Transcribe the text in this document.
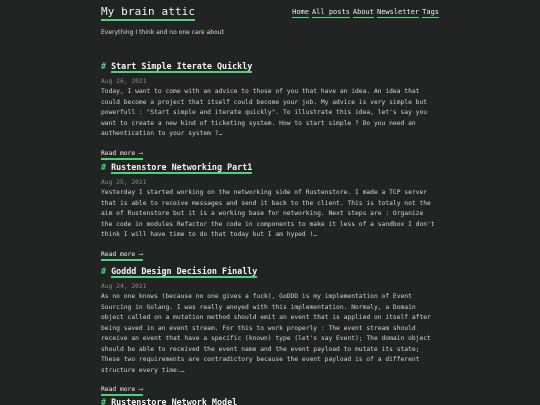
My brain attic	Home All posts About Newsletter Tags
Everything I think and no one care about
# Start Simple Iterate Quickly
Aug 26, 2021
Today, I want to come with an advice to those of you that have an idea. An idea that
could become a project that itself could become your job. My advice is very simple but
powerfull : "Start simple and iterate quickly". To illustrate this idea, let's say you
want to create a new kind of ticketing system. How to start simple ? Do you need an
authentication to your system ?…
Read more ⟶
# Rustenstore Networking Part1
Aug 25, 2021
Yesterday I started working on the networking side of Rustenstore. I made a TCP server
that is able to receive messages and send it back to the client. This is totaly not the
aim of Rustenstore but it is a working base for networking. Next steps are : Organize
the code in modules Refactor the code in components to make it less of a sandbox I don't
think I will have time to do that today but I am hyped !…
Read more ⟶
# Goddd Design Decision Finally
Aug 24, 2021
As no one knows (because no one gives a fuck), GoDDD is my implementation of Event
Sourcing in Golang. I was really anoyed with this implementation. Normaly, a Domain
object called on a mutation method should emit an event that is applied on itself after
being saved in an event stream. For this to work properly : The event stream should
receive an event that have a specific (known) type (let's say Event); The domain object
should be able to received the event name and the event payload to mutate its state;
These two requirements are contradictory because the event payload is of a different
structure every time.…
Read more ⟶
# Rustenstore Network Model
